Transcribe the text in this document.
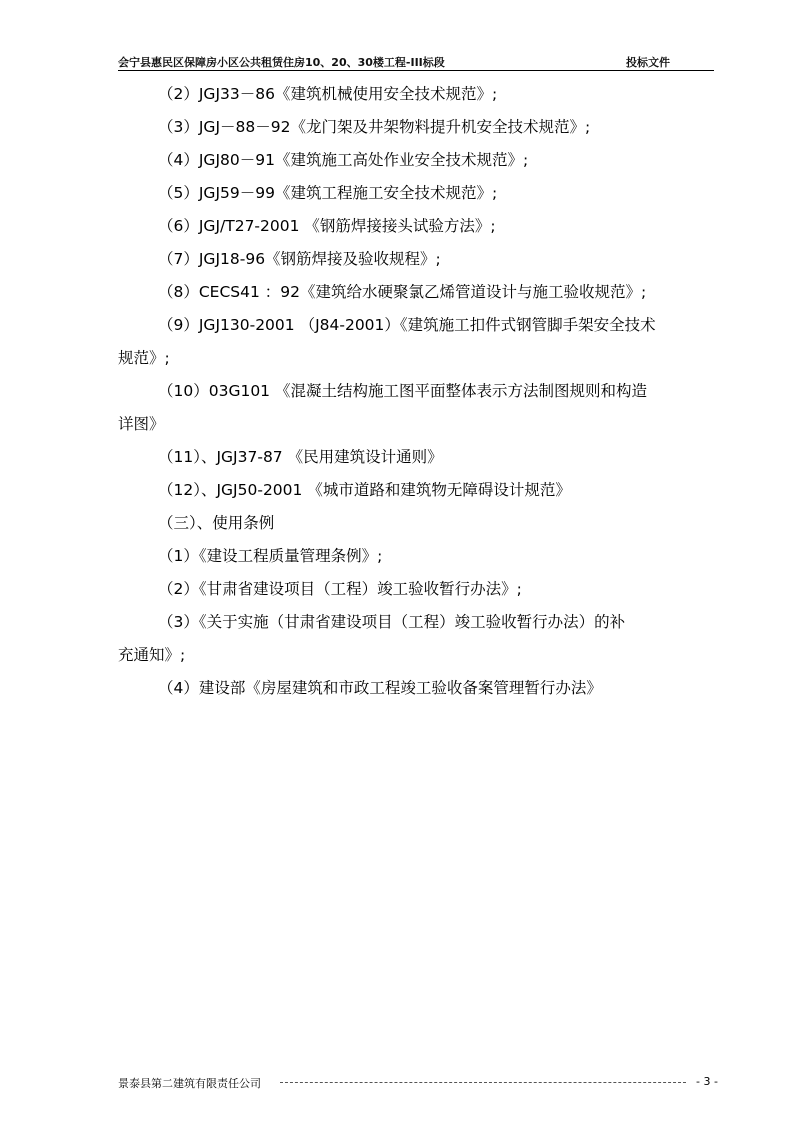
会宁县惠民区保障房小区公共租赁住房10、20、30楼工程-III标段	投标文件
（2）JGJ33－86《建筑机械使用安全技术规范》;
（3）JGJ－88－92《龙门架及井架物料提升机安全技术规范》;
（4）JGJ80－91《建筑施工高处作业安全技术规范》;
（5）JGJ59－99《建筑工程施工安全技术规范》;
（6）JGJ/T27-2001 《钢筋焊接接头试验方法》;
（7）JGJ18-96《钢筋焊接及验收规程》;
（8）CECS41 ：92《建筑给水硬聚氯乙烯管道设计与施工验收规范》;
（9）JGJ130-2001 （J84-2001）《建筑施工扣件式钢管脚手架安全技术
规范》;
（10）03G101 《混凝土结构施工图平面整体表示方法制图规则和构造
详图》
（11）、JGJ37-87 《民用建筑设计通则》
（12）、JGJ50-2001 《城市道路和建筑物无障碍设计规范》
（三）、使用条例
（1）《建设工程质量管理条例》;
（2）《甘肃省建设项目（工程）竣工验收暂行办法》;
（3）《关于实施（甘肃省建设项目（工程）竣工验收暂行办法）的补
充通知》;
（4）建设部《房屋建筑和市政工程竣工验收备案管理暂行办法》
景泰县第二建筑有限责任公司	- 3 -
